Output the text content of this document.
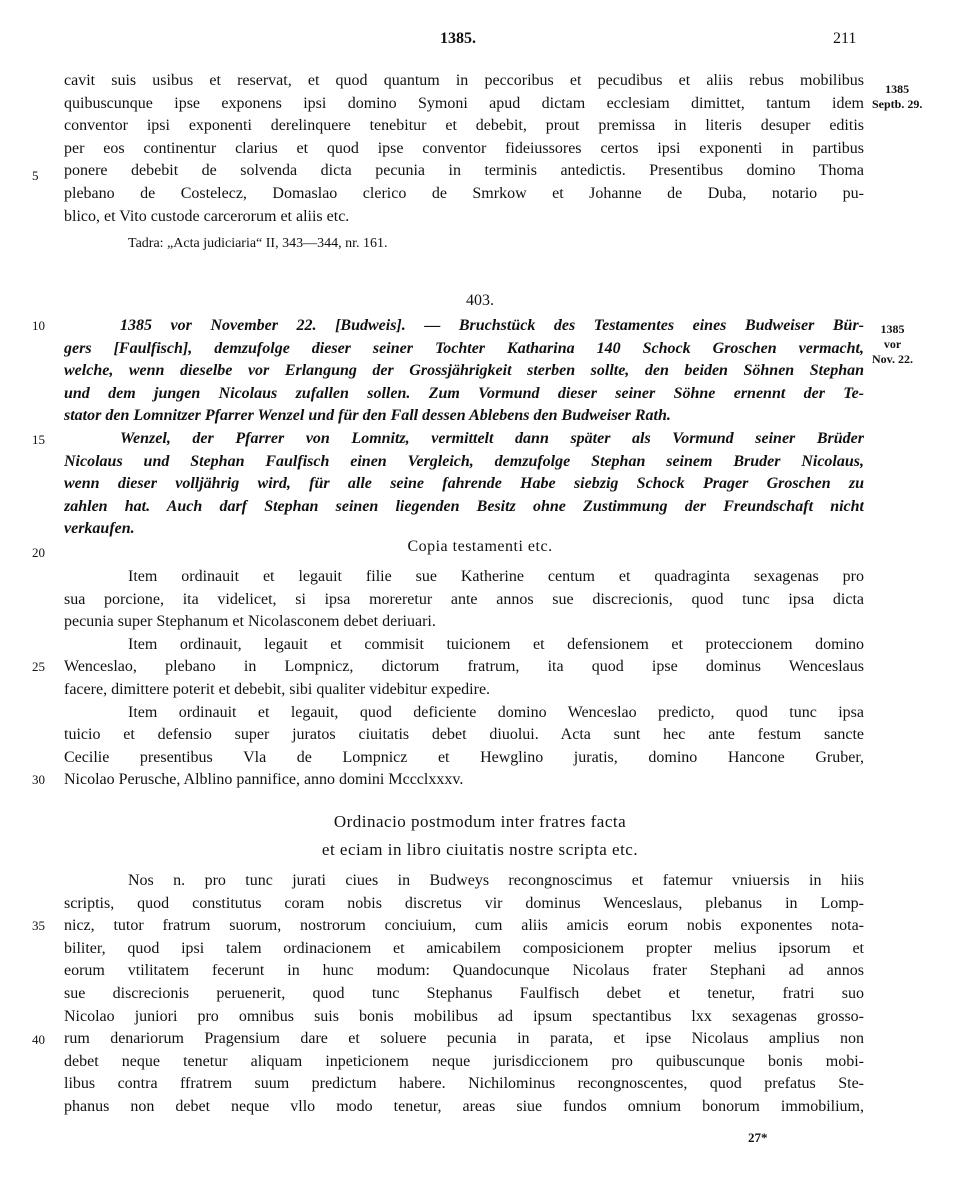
1385.	211
1385
Septb. 29.
1385
vor
Nov. 22.
5
10
15
20
25
30
35
40
cavit suis usibus et reservat, et quod quantum in peccoribus et pecudibus et aliis rebus mobilibus
quibuscunque ipse exponens ipsi domino Symoni apud dictam ecclesiam dimittet, tantum idem
conventor ipsi exponenti derelinquere tenebitur et debebit, prout premissa in literis desuper editis
per eos continentur clarius et quod ipse conventor fideiussores certos ipsi exponenti in partibus
ponere debebit de solvenda dicta pecunia in terminis antedictis. Presentibus domino Thoma
plebano de Costelecz, Domaslao clerico de Smrkow et Johanne de Duba, notario pu-
blico, et Vito custode carcerorum et aliis etc.
Tadra: „Acta judiciaria“ II, 343—344, nr. 161.
403.
1385 vor November 22. [Budweis]. — Bruchstück des Testamentes eines Budweiser Bür-
gers [Faulfisch], demzufolge dieser seiner Tochter Katharina 140 Schock Groschen vermacht,
welche, wenn dieselbe vor Erlangung der Grossjährigkeit sterben sollte, den beiden Söhnen Stephan
und dem jungen Nicolaus zufallen sollen. Zum Vormund dieser seiner Söhne ernennt der Te-
stator den Lomnitzer Pfarrer Wenzel und für den Fall dessen Ablebens den Budweiser Rath.
Wenzel, der Pfarrer von Lomnitz, vermittelt dann später als Vormund seiner Brüder
Nicolaus und Stephan Faulfisch einen Vergleich, demzufolge Stephan seinem Bruder Nicolaus,
wenn dieser volljährig wird, für alle seine fahrende Habe siebzig Schock Prager Groschen zu
zahlen hat. Auch darf Stephan seinen liegenden Besitz ohne Zustimmung der Freundschaft nicht
verkaufen.
Copia testamenti etc.
Item ordinauit et legauit filie sue Katherine centum et quadraginta sexagenas pro
sua porcione, ita videlicet, si ipsa moreretur ante annos sue discrecionis, quod tunc ipsa dicta
pecunia super Stephanum et Nicolasconem debet deriuari.
Item ordinauit, legauit et commisit tuicionem et defensionem et proteccionem domino
Wenceslao, plebano in Lompnicz, dictorum fratrum, ita quod ipse dominus Wenceslaus
facere, dimittere poterit et debebit, sibi qualiter videbitur expedire.
Item ordinauit et legauit, quod deficiente domino Wenceslao predicto, quod tunc ipsa
tuicio et defensio super juratos ciuitatis debet diuolui. Acta sunt hec ante festum sancte
Cecilie presentibus Vla de Lompnicz et Hewglino juratis, domino Hancone Gruber,
Nicolao Perusche, Alblino pannifice, anno domini Mccclxxxv.
Ordinacio postmodum inter fratres facta
et eciam in libro ciuitatis nostre scripta etc.
Nos n. pro tunc jurati ciues in Budweys recongnoscimus et fatemur vniuersis in hiis
scriptis, quod constitutus coram nobis discretus vir dominus Wenceslaus, plebanus in Lomp-
nicz, tutor fratrum suorum, nostrorum conciuium, cum aliis amicis eorum nobis exponentes nota-
biliter, quod ipsi talem ordinacionem et amicabilem composicionem propter melius ipsorum et
eorum vtilitatem fecerunt in hunc modum: Quandocunque Nicolaus frater Stephani ad annos
sue discrecionis peruenerit, quod tunc Stephanus Faulfisch debet et tenetur, fratri suo
Nicolao juniori pro omnibus suis bonis mobilibus ad ipsum spectantibus lxx sexagenas grosso-
rum denariorum Pragensium dare et soluere pecunia in parata, et ipse Nicolaus amplius non
debet neque tenetur aliquam inpeticionem neque jurisdiccionem pro quibuscunque bonis mobi-
libus contra ffratrem suum predictum habere. Nichilominus recongnoscentes, quod prefatus Ste-
phanus non debet neque vllo modo tenetur, areas siue fundos omnium bonorum immobilium,
27*
